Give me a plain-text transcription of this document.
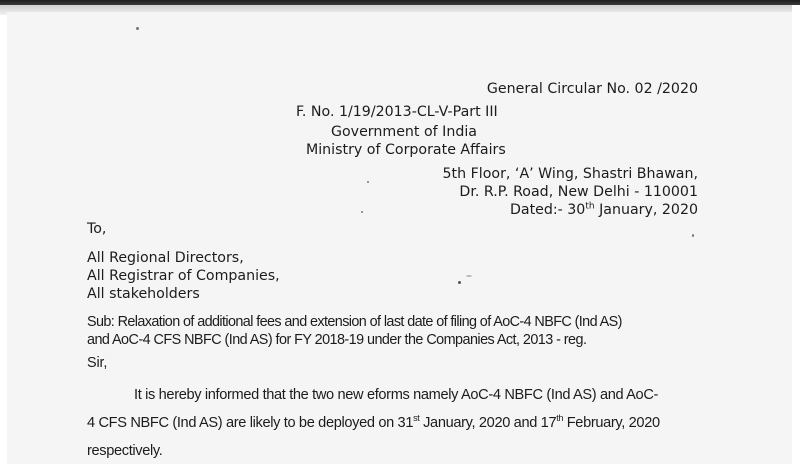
General Circular No. 02 /2020
F. No. 1/19/2013-CL-V-Part III
Government of India
Ministry of Corporate Affairs
5th Floor, ‘A’ Wing, Shastri Bhawan,
Dr. R.P. Road, New Delhi - 110001
Dated:- 30th January, 2020
To,
All Regional Directors,
All Registrar of Companies,
All stakeholders
Sub: Relaxation of additional fees and extension of last date of filing of AoC-4 NBFC (Ind AS)
and AoC-4 CFS NBFC (Ind AS) for FY 2018-19 under the Companies Act, 2013 - reg.
Sir,
It is hereby informed that the two new eforms namely AoC-4 NBFC (Ind AS) and AoC-
4 CFS NBFC (Ind AS) are likely to be deployed on 31st January, 2020 and 17th February, 2020
respectively.
